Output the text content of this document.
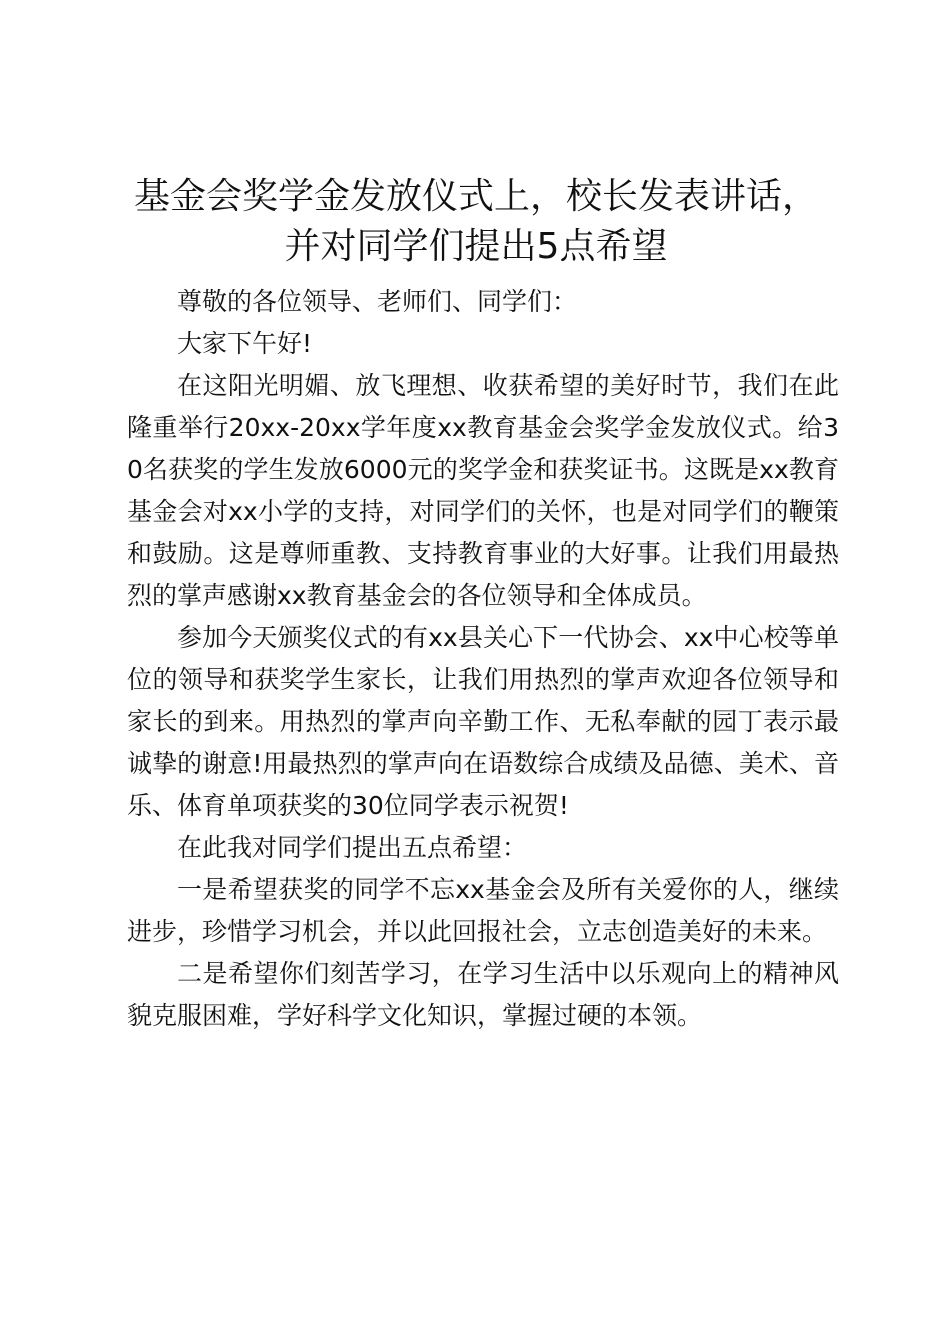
基金会奖学金发放仪式上，校长发表讲话，并对同学们提出5点希望

尊敬的各位领导、老师们、同学们：

大家下午好!

在这阳光明媚、放飞理想、收获希望的美好时节，我们在此隆重举行20xx-20xx学年度xx教育基金会奖学金发放仪式。给30名获奖的学生发放6000元的奖学金和获奖证书。这既是xx教育基金会对xx小学的支持，对同学们的关怀，也是对同学们的鞭策和鼓励。这是尊师重教、支持教育事业的大好事。让我们用最热烈的掌声感谢xx教育基金会的各位领导和全体成员。

参加今天颁奖仪式的有xx县关心下一代协会、xx中心校等单位的领导和获奖学生家长，让我们用热烈的掌声欢迎各位领导和家长的到来。用热烈的掌声向辛勤工作、无私奉献的园丁表示最诚挚的谢意!用最热烈的掌声向在语数综合成绩及品德、美术、音乐、体育单项获奖的30位同学表示祝贺!

在此我对同学们提出五点希望：

一是希望获奖的同学不忘xx基金会及所有关爱你的人，继续进步，珍惜学习机会，并以此回报社会，立志创造美好的未来。

二是希望你们刻苦学习，在学习生活中以乐观向上的精神风貌克服困难，学好科学文化知识，掌握过硬的本领。
